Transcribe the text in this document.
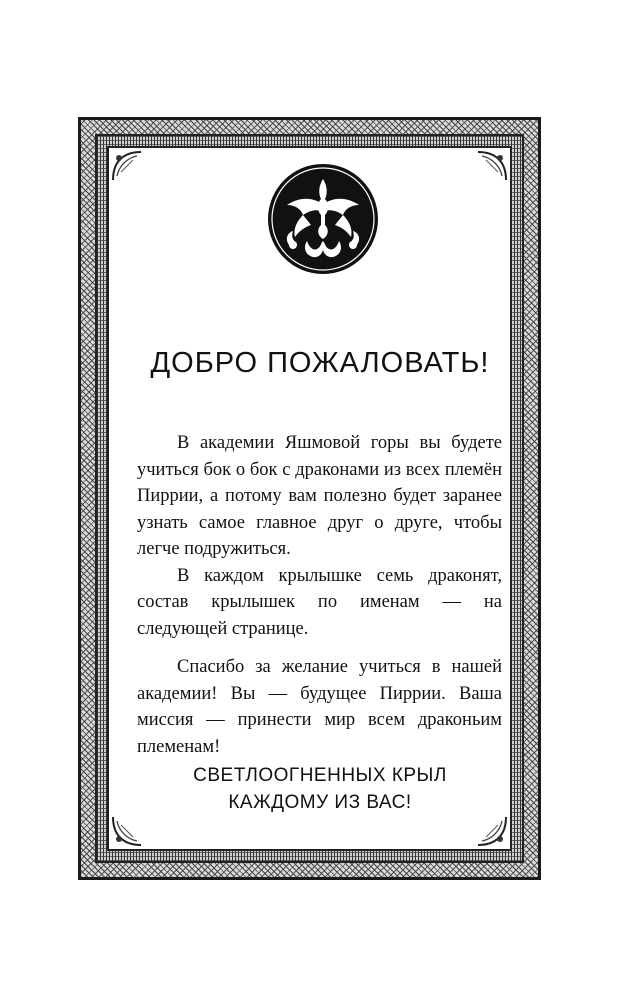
ДОБРО ПОЖАЛОВАТЬ!

В академии Яшмовой горы вы будете учиться бок о бок с драконами из всех племён Пиррии, а потому вам полезно будет заранее узнать самое главное друг о друге, чтобы легче подружиться.

В каждом крылышке семь драконят, состав крылышек по именам — на следующей странице.

Спасибо за желание учиться в нашей академии! Вы — будущее Пиррии. Ваша миссия — принести мир всем драконьим племенам!

СВЕТЛООГНЕННЫХ КРЫЛ
КАЖДОМУ ИЗ ВАС!
